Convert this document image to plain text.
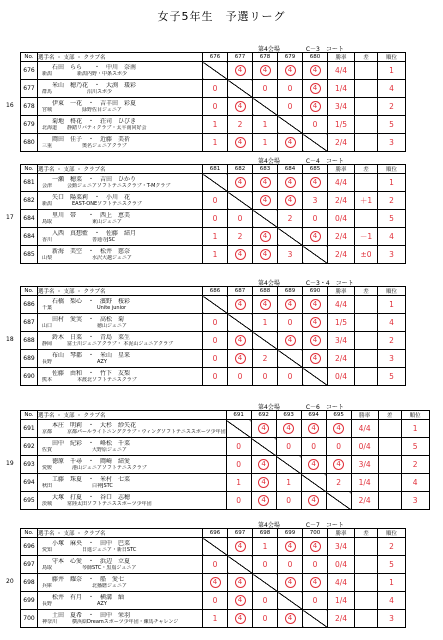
女子5年生　予選リーグ
第4会場	C－3　コート
16
No.	選手名 ・ 支部 ・ クラブ名	676	677	678	679	680	勝率	差	順位
676	石田　らら　　・　中川　奈南
新潟　　　　　新潟内野・中条スポ少		4	4	4	4	4/4		1
677	米山　穂乃花　・　大渕　瑗彩
群馬　　　　　　　沼川スポ少	0		0	0	4	1/4		4
678	伊東　一花　・　吉羊田　彩夏
宮城　　　　　　緑野佐目ジュニア	0	4		0	4	3/4		2
679	菊地　柊花　・　荘司　ひびき
北海道　　静踏リバティクラブ・太平南同好会	1	2	1		0	1/5		5
680	岡田　佳子　・　近藤　美祈
三重　　　　　　奥名ジュニアクラブ	1	4	1	4		2/4		3
第4会場	C－4　コート
17
No.	選手名 ・ 支部 ・ クラブ名	681	682	683	684	685	勝率	差	順位
681	一瀬　穂菜　・　吉田　ひかり
会津　　　会動ジュニアソフトテニスクラブ・T-Mクラブ		4	4	4	4	4/4		1
682	矢口　陽菜莉　・　小川　花
新潟　　　　EAST-ONEソフトテニスクラブ	0		4	4	3	2/4	＋1	2
684	里川　帯　　・　西上　恵美
鳥取　　　　　　　　東山ジュニア	0	0		2	0	0/4		5
684	入西　真想藍　・　佐藤　結月
香川　　　　　　　　善通寺JSC	1	2	4		4	2/4	－1	4
685	新海　美空　・　松井　慈奈
山梨　　　　　　　　水沢大越ジュニア	1	4	4	3		2/4	±0	3
第4会場	C－3・4　コート
18
No.	選手名 ・ 支部 ・ クラブ名	686	687	688	689	690	勝率	差	順位
686	石橋　梨心　・　濱野　桜彩
千葉　　　　　　　　　Unite junior		4	4	4	4	4/4		1
687	田村　愛実　・　高松　菊
山口　　　　　　　　　徳山ジュニア	0		1	0	4	1/5		4
688	鈴木　日菜　・　青島　菜生
静岡　　　富士川ジュニアクラブ・ 本泥山ジュニアクラブ	0	4		4	4	3/4		2
689	布山　琴都　・　米山　星来
長野　　　　　　　　　AZY	0	4	2		4	2/4		3
690	佐藤　由和　・　竹下　友梨
熊本　　　　　本渡北ソフトテニスクラブ	0	0	0	0		0/4		5
第4会場	C－6　コート
19
No.	選手名 ・ 支部 ・ クラブ名	691	692	693	694	695	勝率	差	順位
691	本庄　明莉　・　大杉　紗矢花
京都　　　京都パールライトニングクラブ・ウィングソフトテニススポーツ少年団		4	4	4	4	4/4		1
692	田中　紀彩　・　峰松　千菜
佐賀　　　　　　　　大野原ジュニア	0		0	0	0	0/4		5
693	徳原　千尋　・　岡崎　結愛
愛媛　　　　港山ジュニアソフトテニスクラブ	0	4		4	4	3/4		2
694	工藤　珠夏　・　米村　七菜
秋田　　　　　　　　白神JSTC	1	4	1		2	1/4		4
695	大塚　打夏　・　谷口　志穂
茨城　　　常陸太田ソフトテニススポーツ少年団	0	4	0	4		2/4		3
第4会場	C－7　コート
20
No.	選手名 ・ 支部 ・ クラブ名	696	697	698	699	700	勝率	差	順位
696	小塚　麻央　・　田中　巴菜
愛知　　　　　　日進ジュニア・新日STC		4	1	4	4	3/4		2
697	守本　心愛　・　浜辺　立夏
鳥取　　　　　　琴師STC・黒嶌ジュニア	0		0	0	0	0/4		5
698	藤井　耀奈　・　船　愛七
兵庫　　　　　　　　北播磨ジュニア	4	4		4	4	4/4		1
699	松井　有月　・　横溝　紬
長野　　　　　　　　　AZY	0	4	0		0	1/4		4
700	土田　夏希　・　田中　栄羽
神奈川　　　横浜絵Dreamスポーツ少年団・練馬チャレンジ	1	4	0	4		2/4		3
